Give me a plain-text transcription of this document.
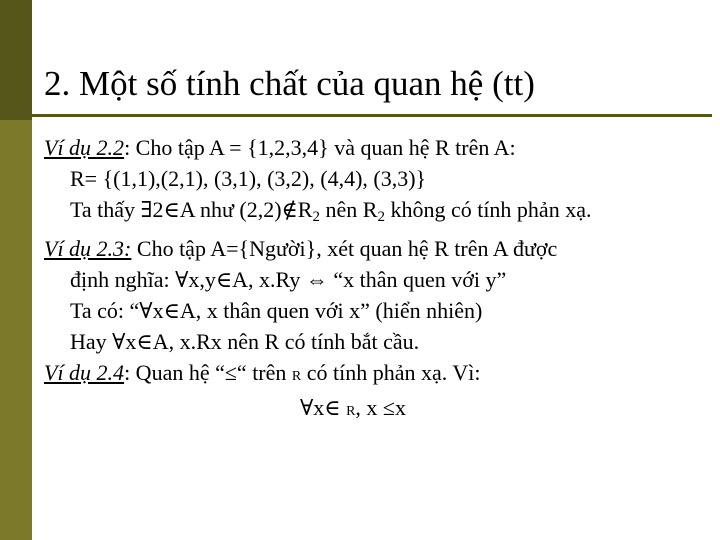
2. Một số tính chất của quan hệ (tt)
Ví dụ 2.2: Cho tập A = {1,2,3,4} và quan hệ R trên A:
R= {(1,1),(2,1), (3,1), (3,2), (4,4), (3,3)}
Ta thấy ∃2∈A như $(2,2)\notin R_2$ nên $R_2$ không có tính phản xạ.
Ví dụ 2.3: Cho tập A={Người}, xét quan hệ R trên A được
định nghĩa: ∀x,y∈A, x.Ry ⇔ “x thân quen với y”
Ta có: “∀x∈A, x thân quen với x” (hiển nhiên)
Hay ∀x∈A, x.Rx nên R có tính bắt cầu.
Ví dụ 2.4: Quan hệ “≤“ trên R có tính phản xạ. Vì:
∀x∈ R, x ≤x
